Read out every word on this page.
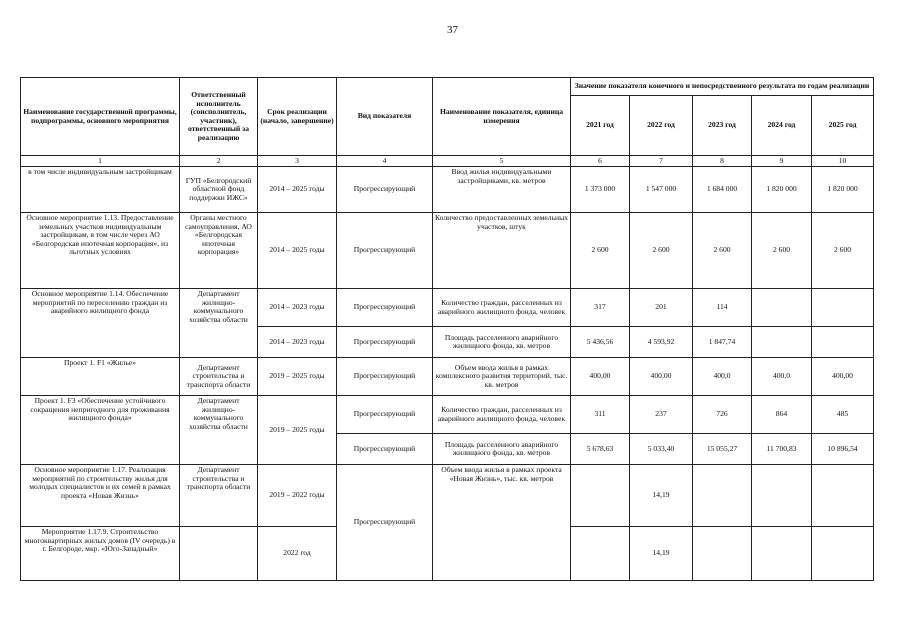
37
Наименование государственной программы, подпрограммы, основного мероприятия	Ответственный исполнитель (соисполнитель, участник), ответственный за реализацию	Срок реализации (начало, завершение)	Вид показателя	Наименование показателя, единица измерения	Значение показателя конечного и непосредственного результата по годам реализации				
					2021 год	2022 год	2023 год	2024 год	2025 год
1	2	3	4	5	6	7	8	9	10
в том числе индивидуальным застройщикам	ГУП «Белгородский областной фонд поддержки ИЖС»	2014 – 2025 годы	Прогрессирующий	Ввод жилья индивидуальными застройщиками, кв. метров	1 373 000	1 547 000	1 684 000	1 820 000	1 820 000
Основное мероприятие 1.13. Предоставление земельных участков индивидуальным застройщикам, в том числе через АО «Белгородская ипотечная корпорация», из льготных условиях	Органы местного самоуправления, АО «Белгородская ипотечная корпорация»	2014 – 2025 годы	Прогрессирующий	Количество предоставленных земельных участков, штук	2 600	2 600	2 600	2 600	2 600
Основное мероприятие 1.14. Обеспечение мероприятий по переселению граждан из аварийного жилищного фонда	Департамент жилищно-коммунального хозяйства области	2014 – 2023 годы	Прогрессирующий	Количество граждан, расселенных из аварийного жилищного фонда, человек	317	201	114		
		2014 – 2023 годы	Прогрессирующий	Площадь расселенного аварийного жилищного фонда, кв. метров	5 436,56	4 593,92	1 847,74		
Проект 1. F1 «Жилье»	Департамент строительства и транспорта области	2019 – 2025 годы	Прогрессирующий	Объем ввода жилья в рамках комплексного развития территорий, тыс. кв. метров	400,00	400,00	400,0	400,0	400,00
Проект 1. F3 «Обеспечение устойчивого сокращения непригодного для проживания жилищного фонда»	Департамент жилищно-коммунального хозяйства области	2019 – 2025 годы	Прогрессирующий	Количество граждан, расселенных из аварийного жилищного фонда, человек	311	237	726	864	485
			Прогрессирующий	Площадь расселенного аварийного жилищного фонда, кв. метров	5 678,63	5 033,40	15 055,27	11 700,83	10 896,54
Основное мероприятие 1.17. Реализация мероприятий по строительству жилья для молодых специалистов и их семей в рамках проекта «Новая Жизнь»	Департамент строительства и транспорта области	2019 – 2022 годы	Прогрессирующий	Объем ввода жилья в рамках проекта «Новая Жизнь», тыс. кв. метров		14,19			
Мероприятие 1.17.9. Строительство многоквартирных жилых домов (IV очередь) в г. Белгороде, мкр. «Юго-Западный»		2022 год				14,19			
